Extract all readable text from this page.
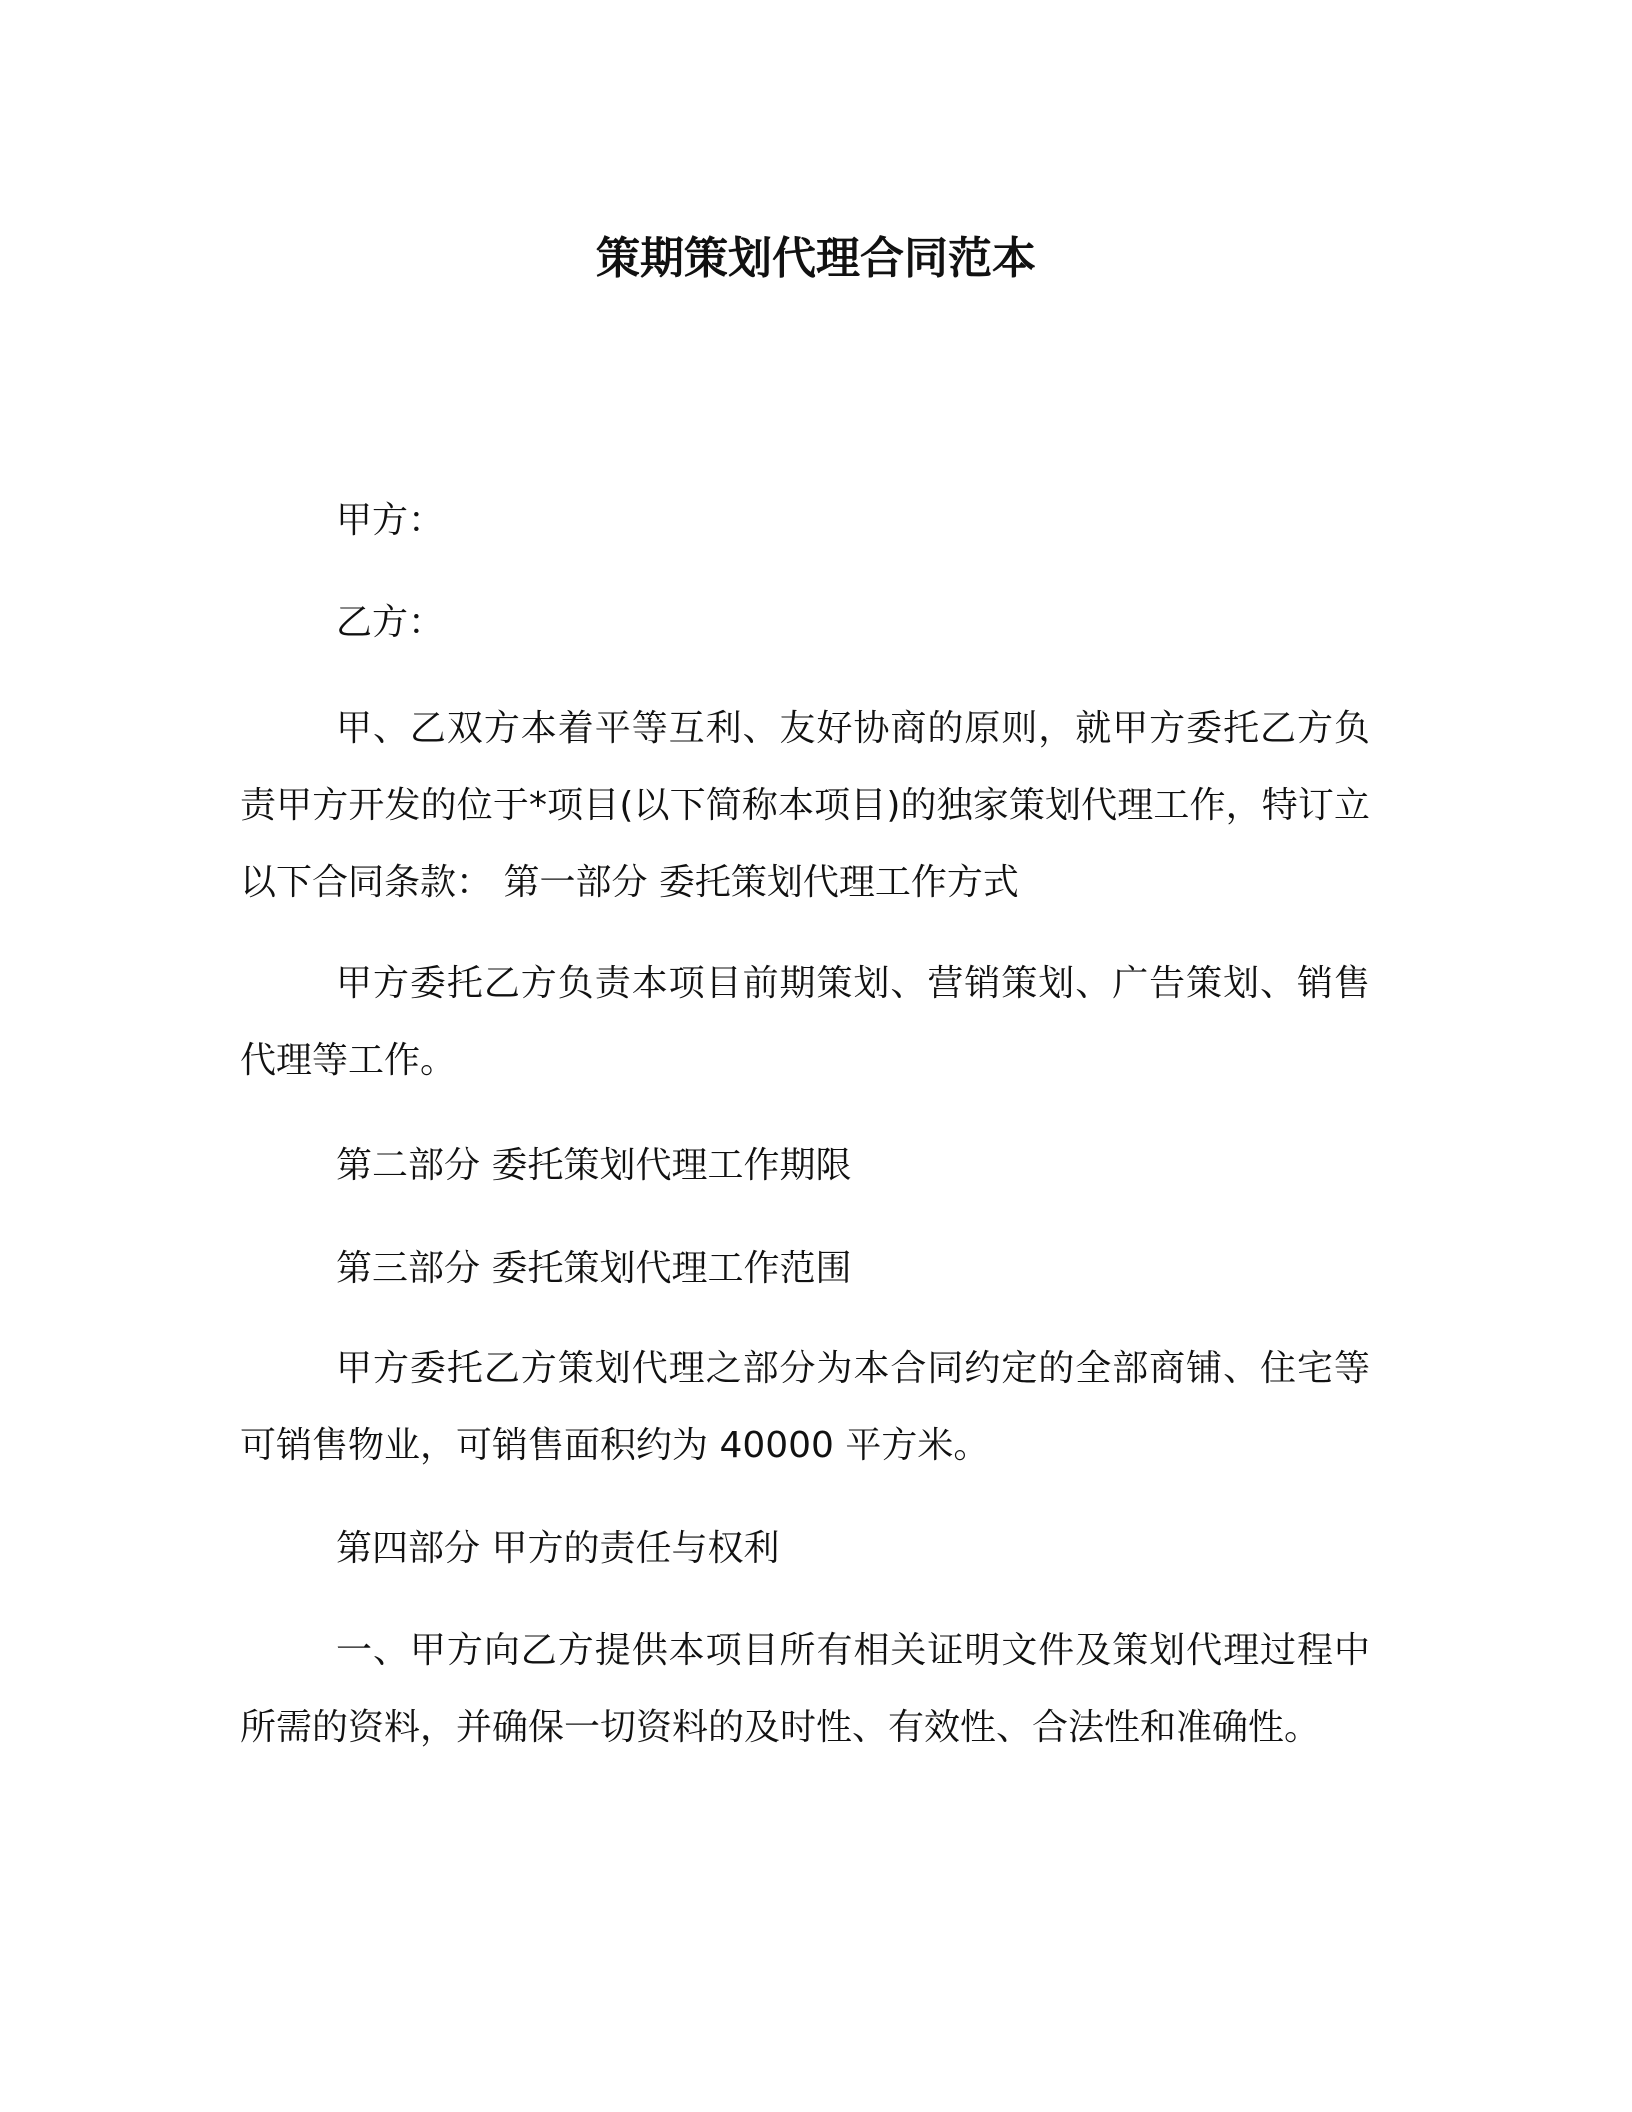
策期策划代理合同范本

甲方：

乙方：

甲、乙双方本着平等互利、友好协商的原则，就甲方委托乙方负责甲方开发的位于*项目(以下简称本项目)的独家策划代理工作，特订立以下合同条款： 第一部分 委托策划代理工作方式

甲方委托乙方负责本项目前期策划、营销策划、广告策划、销售代理等工作。

第二部分 委托策划代理工作期限

第三部分 委托策划代理工作范围

甲方委托乙方策划代理之部分为本合同约定的全部商铺、住宅等可销售物业，可销售面积约为 40000 平方米。

第四部分 甲方的责任与权利

一、甲方向乙方提供本项目所有相关证明文件及策划代理过程中所需的资料，并确保一切资料的及时性、有效性、合法性和准确性。
